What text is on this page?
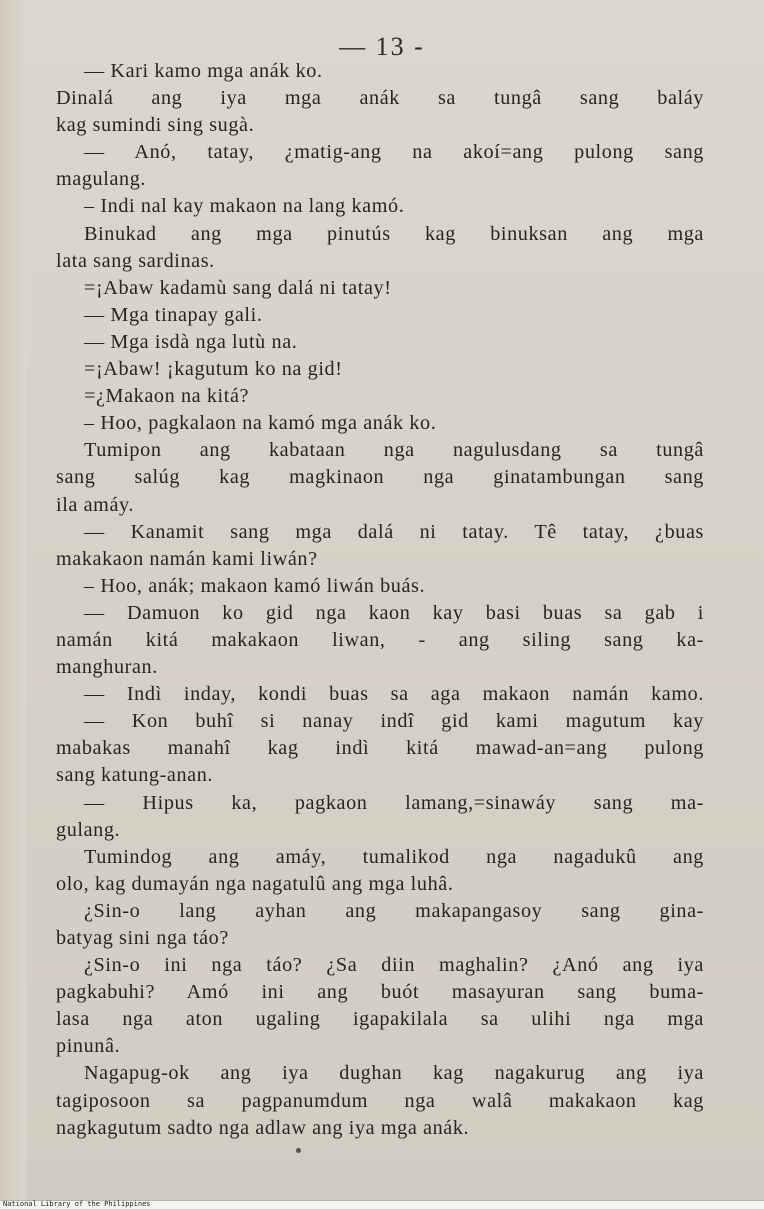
— 13 -
— Kari kamo mga anák ko.
Dinalá ang iya mga anák sa tungâ sang baláy
kag sumindi sing sugà.
— Anó, tatay, ¿matig-ang na akoí=ang pulong sang
magulang.
– Indi nal kay makaon na lang kamó.
Binukad ang mga pinutús kag binuksan ang mga
lata sang sardinas.
=¡Abaw kadamù sang dalá ni tatay!
— Mga tinapay gali.
— Mga isdà nga lutù na.
=¡Abaw! ¡kagutum ko na gid!
=¿Makaon na kitá?
– Hoo, pagkalaon na kamó mga anák ko.
Tumipon ang kabataan nga nagulusdang sa tungâ
sang salúg kag magkinaon nga ginatambungan sang
ila amáy.
— Kanamit sang mga dalá ni tatay. Tê tatay, ¿buas
makakaon namán kami liwán?
– Hoo, anák; makaon kamó liwán buás.
— Damuon ko gid nga kaon kay basi buas sa gab i
namán kitá makakaon liwan, - ang siling sang ka-
manghuran.
— Indì inday, kondi buas sa aga makaon namán kamo.
— Kon buhî si nanay indî gid kami magutum kay
mabakas manahî kag indì kitá mawad-an=ang pulong
sang katung-anan.
— Hipus ka, pagkaon lamang,=sinawáy sang ma-
gulang.
Tumindog ang amáy, tumalikod nga nagadukû ang
olo, kag dumayán nga nagatulû ang mga luhâ.
¿Sin-o lang ayhan ang makapangasoy sang gina-
batyag sini nga táo?
¿Sin-o ini nga táo? ¿Sa diin maghalin? ¿Anó ang iya
pagkabuhi? Amó ini ang buót masayuran sang buma-
lasa nga aton ugaling igapakilala sa ulihi nga mga
pinunâ.
Nagapug-ok ang iya dughan kag nagakurug ang iya
tagiposoon sa pagpanumdum nga walâ makakaon kag
nagkagutum sadto nga adlaw ang iya mga anák.
National Library of the Philippines
